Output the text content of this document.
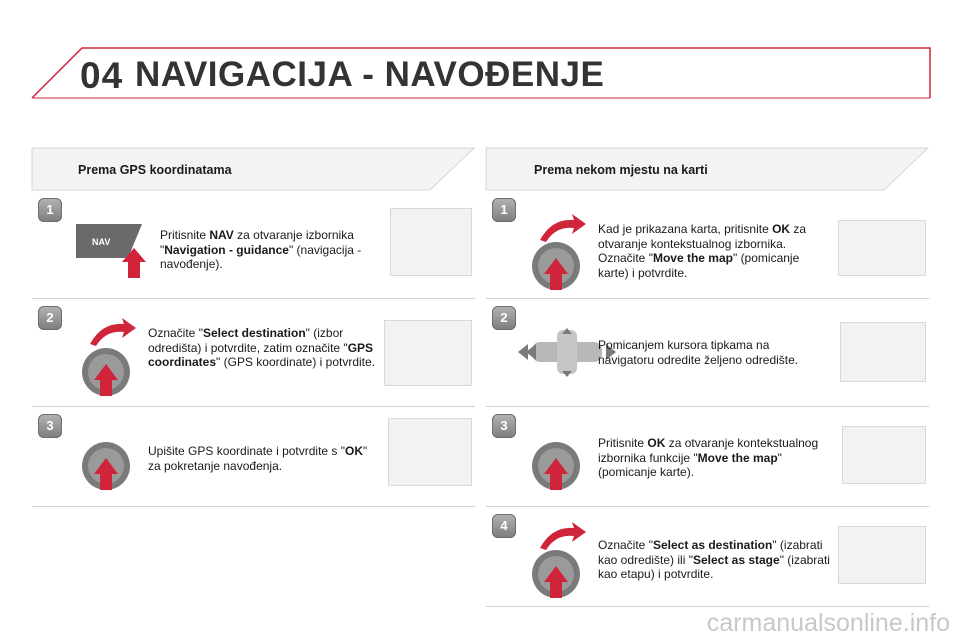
04 NAVIGACIJA - NAVOĐENJE
Prema GPS koordinatama	Prema nekom mjestu na karti
1
NAV	Pritisnite NAV za otvaranje izbornika "Navigation - guidance" (navigacija - navođenje).
2
Označite "Select destination" (izbor odredišta) i potvrdite, zatim označite "GPS coordinates" (GPS koordinate) i potvrdite.
3
Upišite GPS koordinate i potvrdite s "OK" za pokretanje navođenja.
1
Kad je prikazana karta, pritisnite OK za otvaranje kontekstualnog izbornika. Označite "Move the map" (pomicanje karte) i potvrdite.
2
Pomicanjem kursora tipkama na navigatoru odredite željeno odredište.
3
Pritisnite OK za otvaranje kontekstualnog izbornika funkcije "Move the map" (pomicanje karte).
4
Označite "Select as destination" (izabrati kao odredište) ili "Select as stage" (izabrati kao etapu) i potvrdite.
carmanualsonline.info
